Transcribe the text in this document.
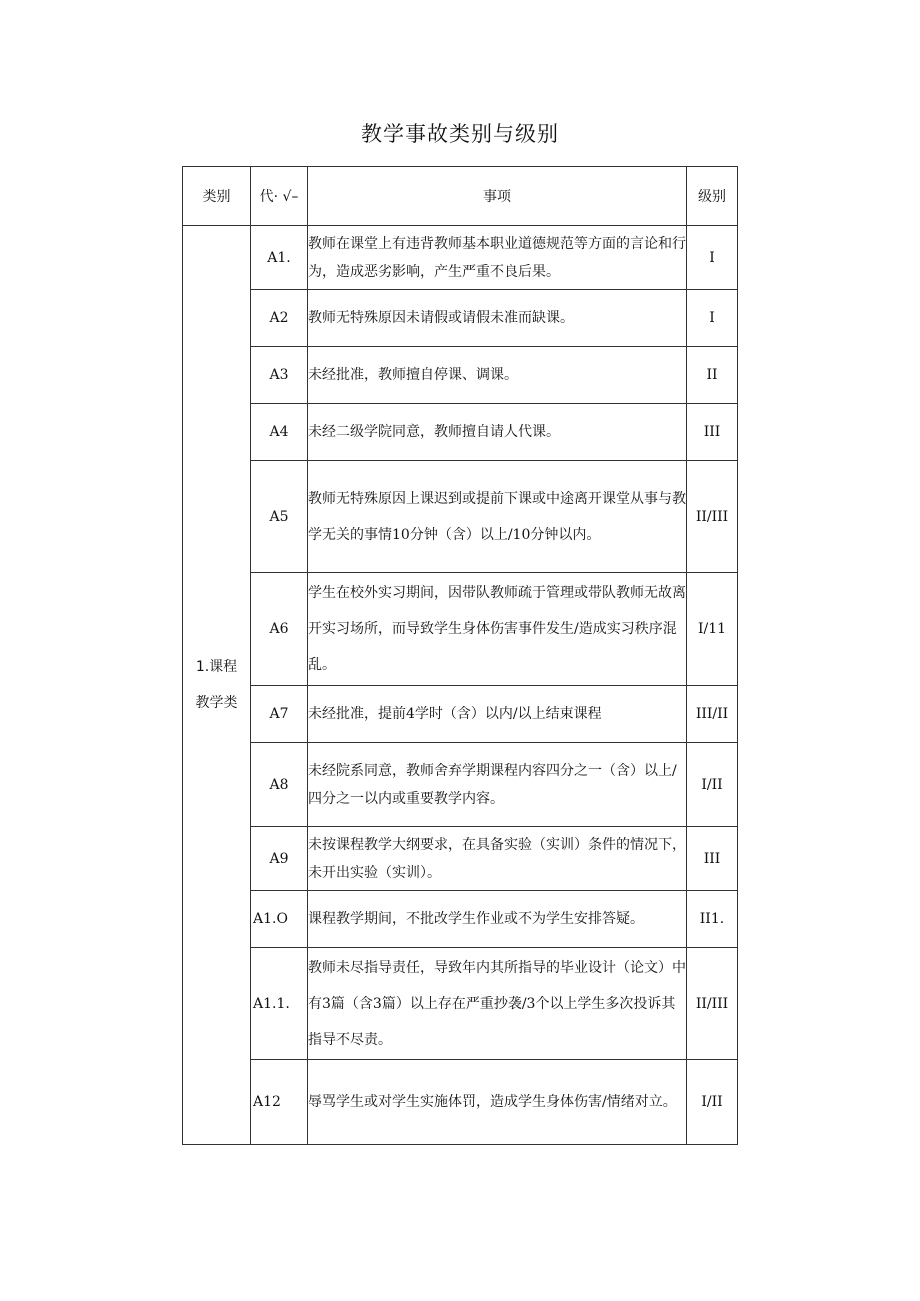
教学事故类别与级别
类别	代· √–	事项	级别
1.课程
教学类	A1.	教师在课堂上有违背教师基本职业道德规范等方面的言论和行为，造成恶劣影响，产生严重不良后果。	I
	A2	教师无特殊原因未请假或请假未准而缺课。	I
	A3	未经批准，教师擅自停课、调课。	II
	A4	未经二级学院同意，教师擅自请人代课。	III
	A5	教师无特殊原因上课迟到或提前下课或中途离开课堂从事与教学无关的事情10分钟（含）以上/10分钟以内。	II/III
	A6	学生在校外实习期间，因带队教师疏于管理或带队教师无故离开实习场所，而导致学生身体伤害事件发生/造成实习秩序混乱。	I/11
	A7	未经批准，提前4学时（含）以内/以上结束课程	III/II
	A8	未经院系同意，教师舍弃学期课程内容四分之一（含）以上/四分之一以内或重要教学内容。	I/II
	A9	未按课程教学大纲要求，在具备实验（实训）条件的情况下，未开出实验（实训）。	III
	A1.O	课程教学期间，不批改学生作业或不为学生安排答疑。	II1.
	A1.1.	教师未尽指导责任，导致年内其所指导的毕业设计（论文）中有3篇（含3篇）以上存在严重抄袭/3个以上学生多次投诉其指导不尽责。	II/III
	A12	辱骂学生或对学生实施体罚，造成学生身体伤害/情绪对立。	I/II
